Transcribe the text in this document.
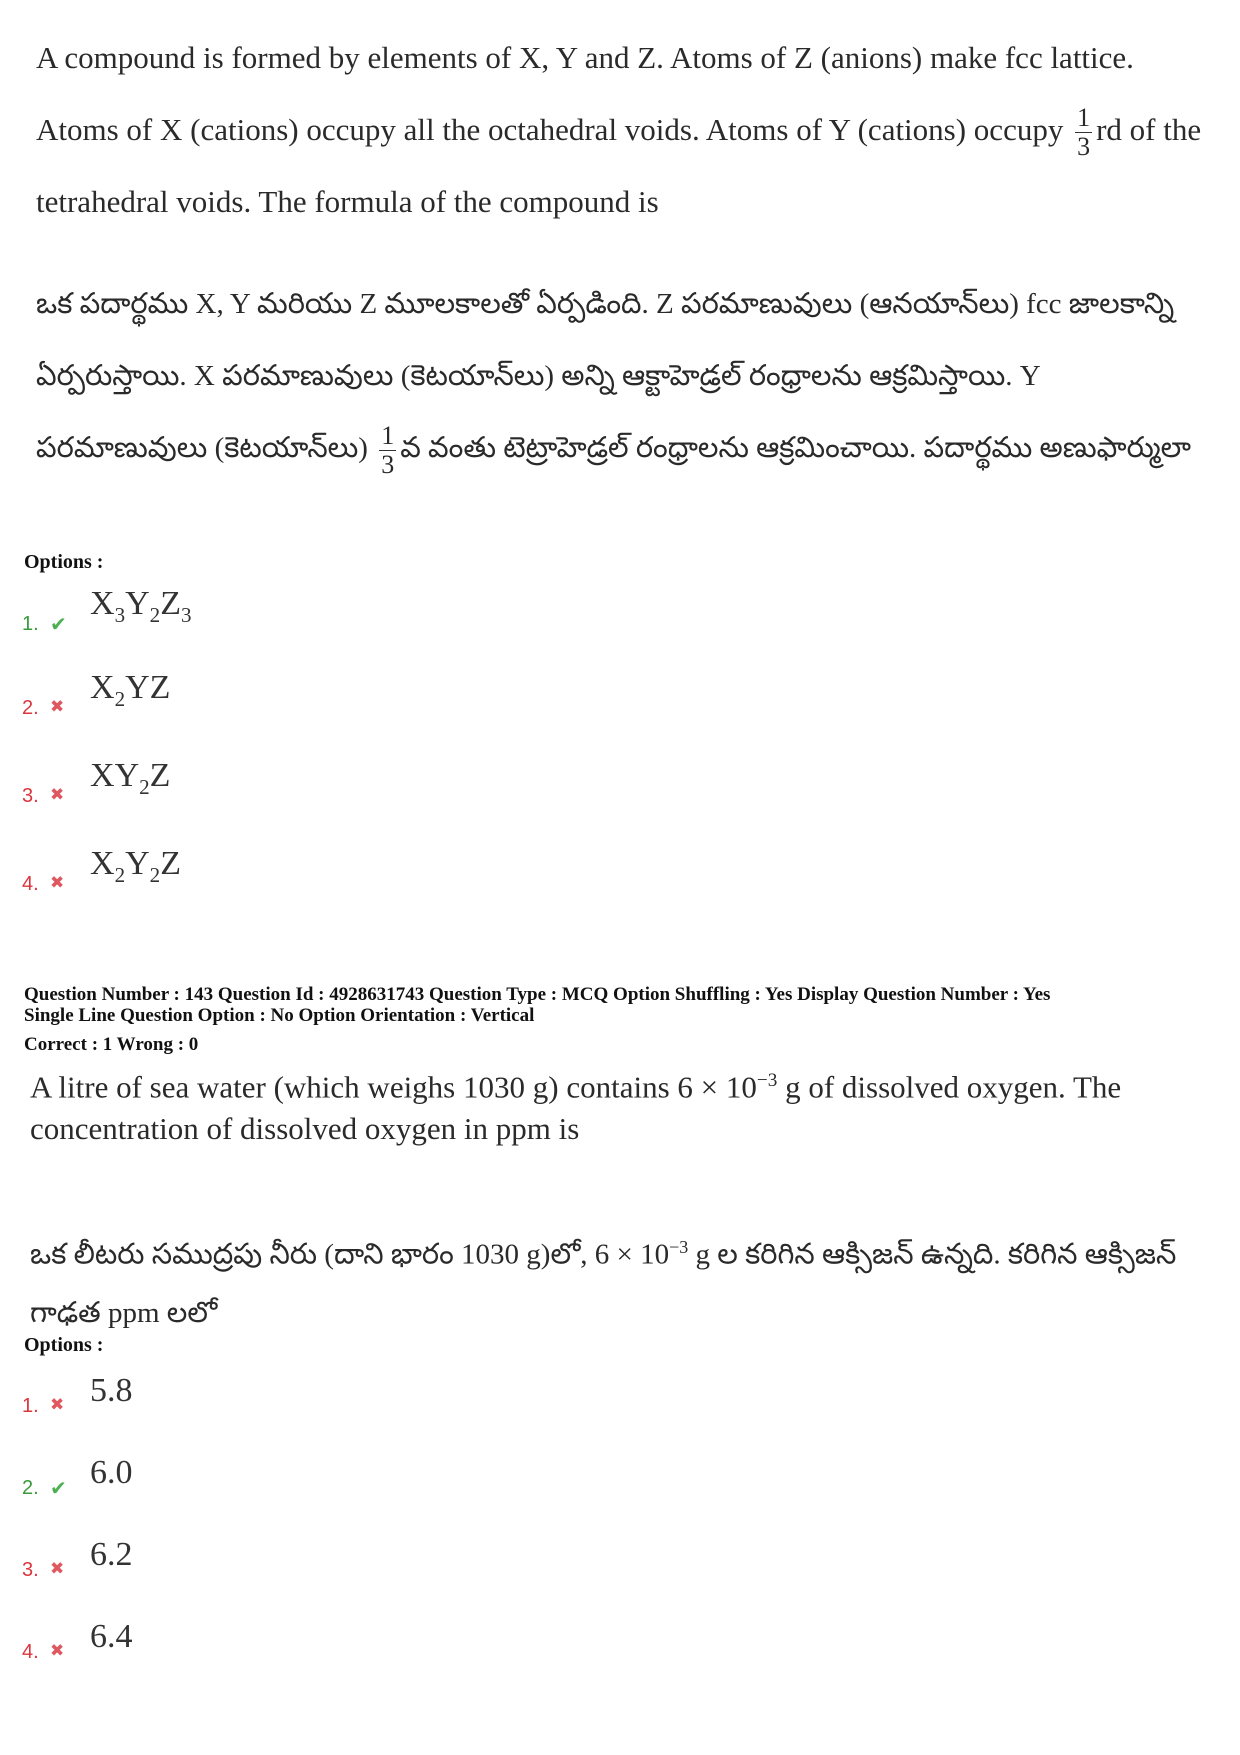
A compound is formed by elements of X, Y and Z. Atoms of Z (anions) make fcc lattice. Atoms of X (cations) occupy all the octahedral voids. Atoms of Y (cations) occupy $\frac{1}{3}$ rd of the tetrahedral voids. The formula of the compound is
ఒక పదార్థము X, Y మరియు Z మూలకాలతో ఏర్పడింది. Z పరమాణువులు (ఆనయాన్‌లు) fcc జాలకాన్ని ఏర్పరుస్తాయి. X పరమాణువులు (కెటయాన్‌లు) అన్ని ఆక్టాహెడ్రల్ రంధ్రాలను ఆక్రమిస్తాయి. Y పరమాణువులు (కెటయాన్‌లు) $\frac{1}{3}$ వ వంతు టెట్రాహెడ్రల్ రంధ్రాలను ఆక్రమించాయి. పదార్థము అణుఫార్ములా
Options :
1. ✔
$X_3Y_2Z_3$
2. ✖
$X_2YZ$
3. ✖
$XY_2Z$
4. ✖
$X_2Y_2Z$
Question Number : 143 Question Id : 4928631743 Question Type : MCQ Option Shuffling : Yes Display Question Number : Yes
Single Line Question Option : No Option Orientation : Vertical
Correct : 1 Wrong : 0
A litre of sea water (which weighs 1030 g) contains $6 \times 10^{-3}$ g of dissolved oxygen. The concentration of dissolved oxygen in ppm is
ఒక లీటరు సముద్రపు నీరు (దాని భారం 1030 g)లో, $6 \times 10^{-3}$ g ల కరిగిన ఆక్సిజన్ ఉన్నది. కరిగిన ఆక్సిజన్ గాఢత ppm లలో
Options :
1. ✖ 5.8
2. ✔ 6.0
3. ✖ 6.2
4. ✖ 6.4
